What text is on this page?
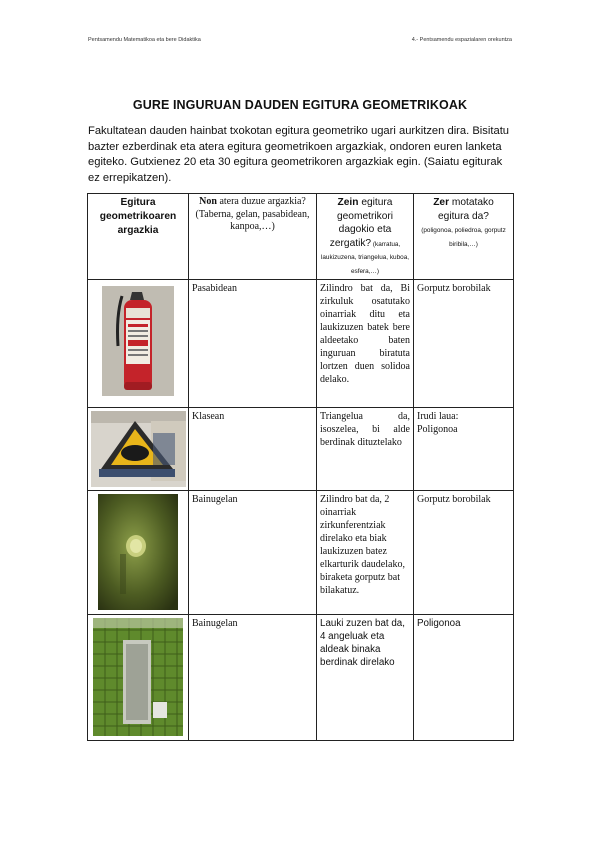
Pentsamendu Matematikoa eta bere Didaktika	4.- Pentsamendu espazialaren orekuntza
GURE INGURUAN DAUDEN EGITURA GEOMETRIKOAK
Fakultatean dauden hainbat txokotan egitura geometriko ugari aurkitzen dira. Bisitatu bazter ezberdinak eta atera egitura geometrikoen argazkiak, ondoren euren lanketa egiteko. Gutxienez 20 eta 30 egitura geometrikoren argazkiak egin. (Saiatu egiturak ez errepikatzen).
Egitura geometrikoaren argazkia	Non atera duzue argazkia? (Taberna, gelan, pasabidean, kanpoa,…)	Zein egitura geometrikori dagokio eta zergatik? (karratua, laukizuzena, triangelua, kuboa, esfera,…)	Zer motatako egitura da?
(poligonoa, poliedroa, gorputz biribila,…)

	Pasabidean	Zilindro bat da, Bi zirkuluk osatutako oinarriak ditu eta laukizuzen batek bere aldeetako baten inguruan biratuta lortzen duen solidoa delako.	Gorputz borobilak

	Klasean	Triangelua da, isoszelea, bi alde berdinak dituztelako	Irudi laua:
Poligonoa

	Bainugelan	Zilindro bat da, 2 oinarriak zirkunferentziak direlako eta biak laukizuzen batez elkarturik daudelako, biraketa gorputz bat bilakatuz.	Gorputz borobilak

	Bainugelan	Lauki zuzen bat da, 4 angeluak eta aldeak binaka berdinak direlako	Poligonoa
